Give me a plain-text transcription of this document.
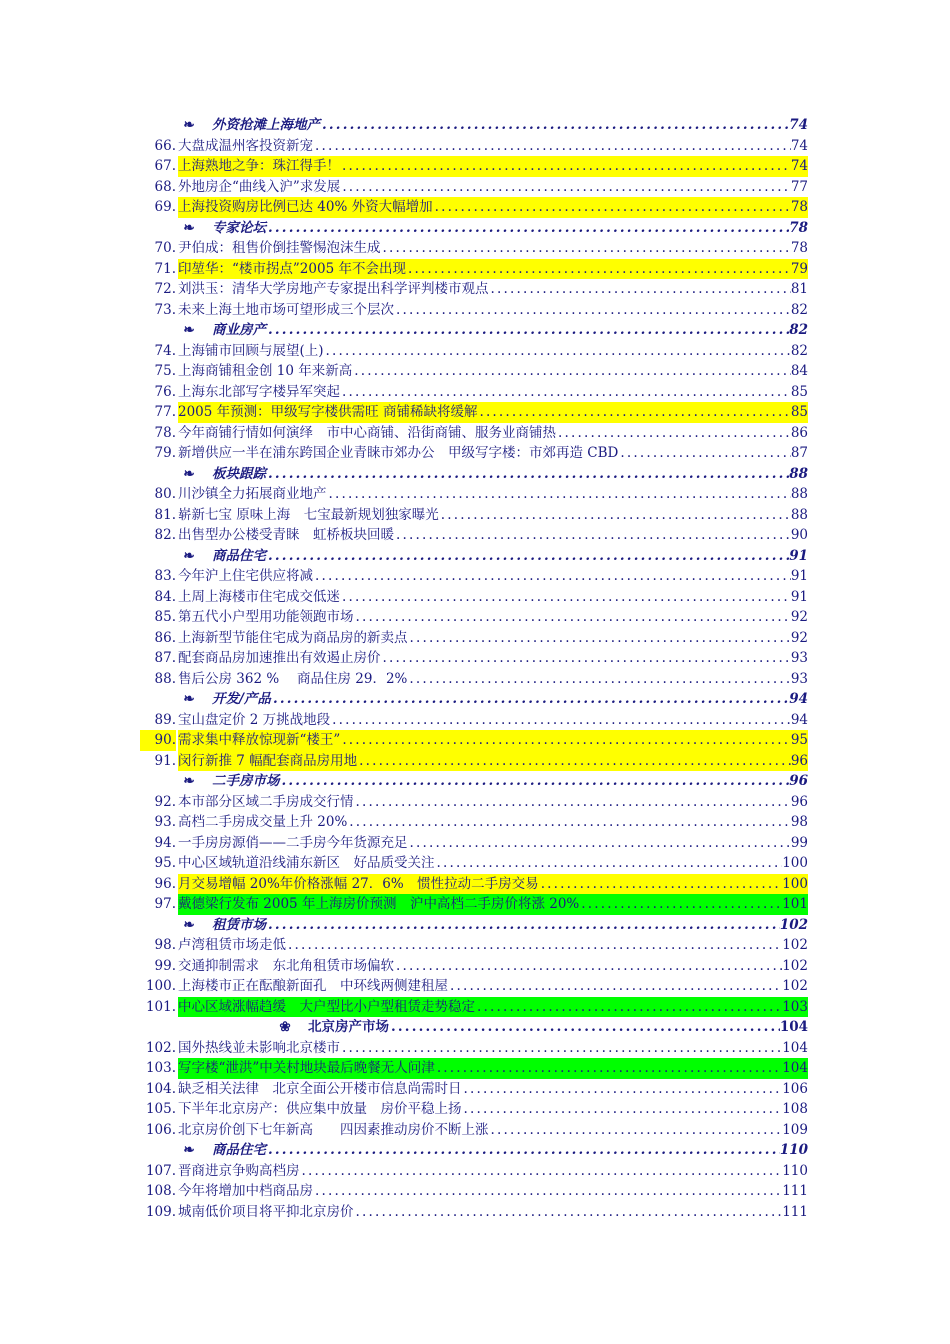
❧	外资抢滩上海地产 .....	74
66. 大盘成温州客投资新宠 .....	74
67. 上海熟地之争：珠江得手！ .....	74
68. 外地房企“曲线入沪”求发展 .....	77
69. 上海投资购房比例已达 40% 外资大幅增加 .....	78
❧	专家论坛 .....	78
70. 尹伯成：租售价倒挂警惕泡沫生成 .....	78
71. 印堃华：“楼市拐点”2005 年不会出现 .....	79
72. 刘洪玉：清华大学房地产专家提出科学评判楼市观点 .....	81
73. 未来上海土地市场可望形成三个层次 .....	82
❧	商业房产 .....	82
74. 上海铺市回顾与展望(上) .....	82
75. 上海商铺租金创 10 年来新高 .....	84
76. 上海东北部写字楼异军突起 .....	85
77. 2005 年预测：甲级写字楼供需旺 商铺稀缺将缓解 .....	85
78. 今年商铺行情如何演绎　市中心商铺、沿街商铺、服务业商铺热 .....	86
79. 新增供应一半在浦东跨国企业青睐市郊办公　甲级写字楼：市郊再造 CBD .....	87
❧	板块跟踪 .....	88
80. 川沙镇全力拓展商业地产 .....	88
81. 崭新七宝 原味上海　七宝最新规划独家曝光 .....	88
82. 出售型办公楼受青睐　虹桥板块回暖 .....	90
❧	商品住宅 .....	91
83. 今年沪上住宅供应将减 .....	91
84. 上周上海楼市住宅成交低迷 .....	91
85. 第五代小户型用功能领跑市场 .....	92
86. 上海新型节能住宅成为商品房的新卖点 .....	92
87. 配套商品房加速推出有效遏止房价 .....	93
88. 售后公房 362 %　 商品住房 29．2% .....	93
❧	开发/产品 .....	94
89. 宝山盘定价 2 万挑战地段 .....	94
90. 需求集中释放惊现新“楼王” .....	95
91. 闵行新推 7 幅配套商品房用地 .....	96
❧	二手房市场 .....	96
92. 本市部分区域二手房成交行情 .....	96
93. 高档二手房成交量上升 20% .....	98
94. 一手房房源俏——二手房今年货源充足 .....	99
95. 中心区域轨道沿线浦东新区　好品质受关注 .....	100
96. 月交易增幅 20%年价格涨幅 27．6%　惯性拉动二手房交易 .....	100
97. 戴德梁行发布 2005 年上海房价预测　沪中高档二手房价将涨 20% .....	101
❧	租赁市场 .....	102
98. 卢湾租赁市场走低 .....	102
99. 交通抑制需求　东北角租赁市场偏软 .....	102
100. 上海楼市正在酝酿新面孔　中环线两侧建租屋 .....	102
101. 中心区域涨幅趋缓　大户型比小户型租赁走势稳定 .....	103
❀	北京房产市场 .....	104
102. 国外热线並未影响北京楼市 .....	104
103. 写字楼“泄洪”中关村地块最后晚餐无人问津 .....	104
104. 缺乏相关法律　北京全面公开楼市信息尚需时日 .....	106
105. 下半年北京房产：供应集中放量　房价平稳上扬 .....	108
106. 北京房价创下七年新高　　四因素推动房价不断上涨 .....	109
❧	商品住宅 .....	110
107. 晋商进京争购高档房 .....	110
108. 今年将增加中档商品房 .....	111
109. 城南低价项目将平抑北京房价 .....	111
